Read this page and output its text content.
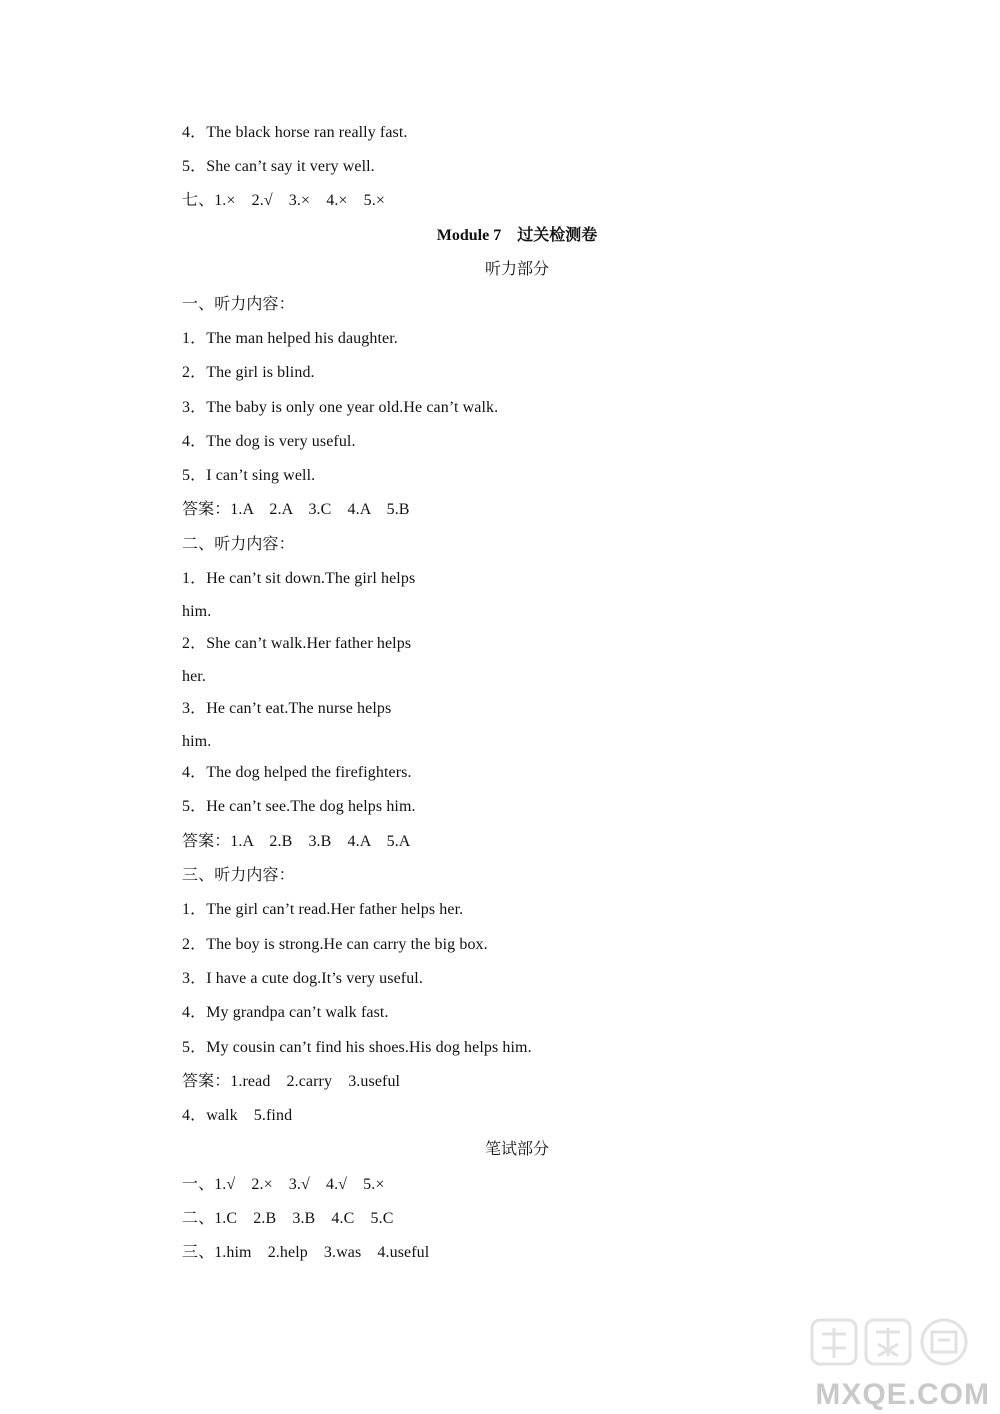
4．The black horse ran really fast.
5．She can’t say it very well.
七、1.×　2.√　3.×　4.×　5.×
Module 7　过关检测卷
听力部分
一、听力内容：
1．The man helped his daughter.
2．The girl is blind.
3．The baby is only one year old.He can’t walk.
4．The dog is very useful.
5．I can’t sing well.
答案：1.A　2.A　3.C　4.A　5.B
二、听力内容：
1．He can’t sit down.The girl helps
him.
2．She can’t walk.Her father helps
her.
3．He can’t eat.The nurse helps
him.
4．The dog helped the firefighters.
5．He can’t see.The dog helps him.
答案：1.A　2.B　3.B　4.A　5.A
三、听力内容：
1．The girl can’t read.Her father helps her.
2．The boy is strong.He can carry the big box.
3．I have a cute dog.It’s very useful.
4．My grandpa can’t walk fast.
5．My cousin can’t find his shoes.His dog helps him.
答案：1.read　2.carry　3.useful
4．walk　5.find
笔试部分
一、1.√　2.×　3.√　4.√　5.×
二、1.C　2.B　3.B　4.C　5.C
三、1.him　2.help　3.was　4.useful
MXQE.COM
